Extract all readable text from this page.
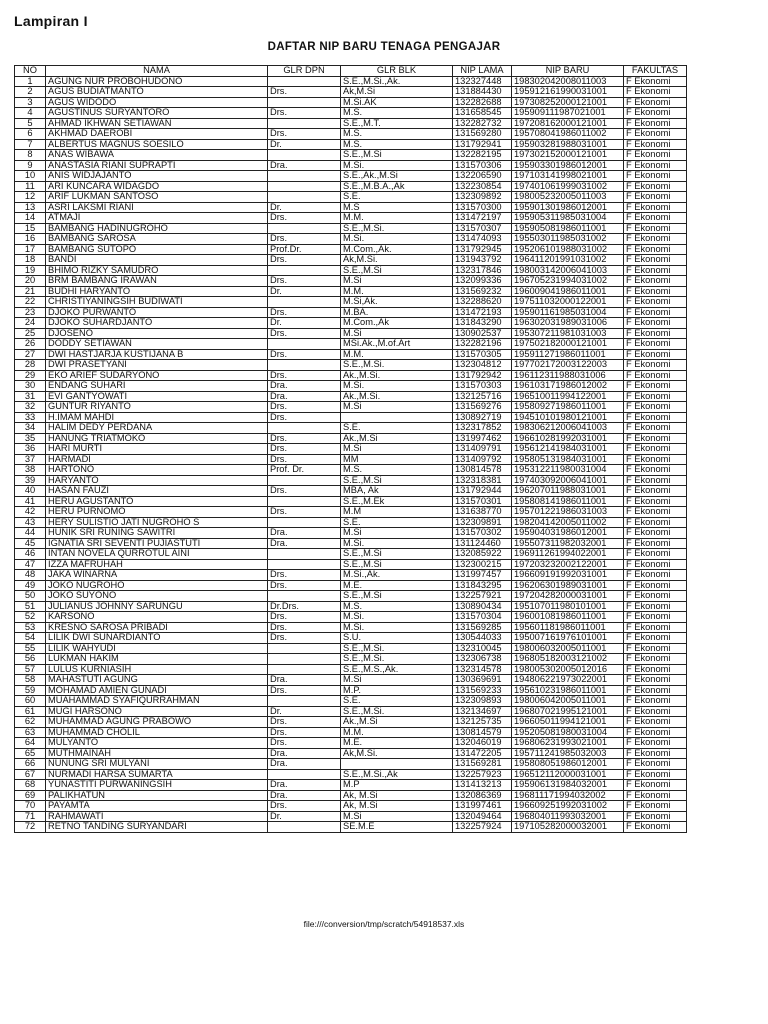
Lampiran I
DAFTAR NIP BARU TENAGA PENGAJAR
NO	NAMA	GLR DPN	GLR BLK	NIP LAMA	NIP BARU	FAKULTAS
1	AGUNG NUR PROBOHUDONO		S.E.,M.Si.,Ak.	132327448	198302042008011003	F Ekonomi
2	AGUS BUDIATMANTO	Drs.	Ak,M.Si	131884430	195912161990031001	F Ekonomi
3	AGUS WIDODO		M.Si.AK	132282688	197308252000121001	F Ekonomi
4	AGUSTINUS SURYANTORO	Drs.	M.S.	131658545	195909111987021001	F Ekonomi
5	AHMAD IKHWAN SETIAWAN		S.E.,M.T.	132282732	197208162000121001	F Ekonomi
6	AKHMAD DAEROBI	Drs.	M.S.	131569280	195708041986011002	F Ekonomi
7	ALBERTUS MAGNUS SOESILO	Dr.	M.S.	131792941	195903281988031001	F Ekonomi
8	ANAS WIBAWA		S.E.,M.Si	132282195	197302152000121001	F Ekonomi
9	ANASTASIA RIANI SUPRAPTI	Dra.	M.Si.	131570306	195903301986012001	F Ekonomi
10	ANIS WIDJAJANTO		S.E.,Ak.,M.Si	132206590	197103141998021001	F Ekonomi
11	ARI KUNCARA WIDAGDO		S.E.,M.B.A.,Ak	132230854	197401061999031002	F Ekonomi
12	ARIF LUKMAN SANTOSO		S.E.	132309892	198005232005011003	F Ekonomi
13	ASRI LAKSMI RIANI	Dr.	M.S	131570300	195901301986012001	F Ekonomi
14	ATMAJI	Drs.	M.M.	131472197	195905311985031004	F Ekonomi
15	BAMBANG HADINUGROHO		S.E.,M.Si.	131570307	195905081986011001	F Ekonomi
16	BAMBANG SAROSA	Drs.	M.Si.	131474093	195503011985031002	F Ekonomi
17	BAMBANG SUTOPO	Prof.Dr.	M.Com.,Ak.	131792945	195206101988031002	F Ekonomi
18	BANDI	Drs.	Ak,M.Si.	131943792	196411201991031002	F Ekonomi
19	BHIMO RIZKY SAMUDRO		S.E.,M.Si	132317846	198003142006041003	F Ekonomi
20	BRM BAMBANG IRAWAN	Drs.	M.Si	132099336	196705231994031002	F Ekonomi
21	BUDHI HARYANTO	Dr.	M.M.	131569232	196009041986011001	F Ekonomi
22	CHRISTIYANINGSIH BUDIWATI		M.Si,Ak.	132288620	197511032000122001	F Ekonomi
23	DJOKO PURWANTO	Drs.	M.BA.	131472193	195901161985031004	F Ekonomi
24	DJOKO SUHARDJANTO	Dr.	M.Com.,Ak	131843290	196302031989031006	F Ekonomi
25	DJOSENO	Drs.	M.Si	130902537	195307211981031003	F Ekonomi
26	DODDY SETIAWAN		MSi.Ak.,M.of.Art	132282196	197502182000121001	F Ekonomi
27	DWI HASTJARJA KUSTIJANA B	Drs.	M.M.	131570305	195911271986011001	F Ekonomi
28	DWI PRASETYANI		S.E.,M.Si.	132304812	197702172003122003	F Ekonomi
29	EKO ARIEF SUDARYONO	Drs.	Ak.,M.Si.	131792942	196112311988031006	F Ekonomi
30	ENDANG SUHARI	Dra.	M.Si.	131570303	196103171986012002	F Ekonomi
31	EVI GANTYOWATI	Dra.	Ak.,M.Si.	132125716	196510011994122001	F Ekonomi
32	GUNTUR RIYANTO	Drs.	M.Si	131569276	195809271986011001	F Ekonomi
33	H.IMAM MAHDI	Drs.		130892719	194510101980121001	F Ekonomi
34	HALIM DEDY PERDANA		S.E.	132317852	198306212006041003	F Ekonomi
35	HANUNG TRIATMOKO	Drs.	Ak.,M.Si	131997462	196610281992031001	F Ekonomi
36	HARI MURTI	Drs.	M.Si	131409791	195612141984031001	F Ekonomi
37	HARMADI	Drs.	MM	131409792	195805131984031001	F Ekonomi
38	HARTONO	Prof. Dr.	M.S.	130814578	195312211980031004	F Ekonomi
39	HARYANTO		S.E.,M.Si	132318381	197403092006041001	F Ekonomi
40	HASAN FAUZI	Drs.	MBA, Ak	131792944	196207011988031001	F Ekonomi
41	HERU AGUSTANTO		S.E.,M.Ek	131570301	195808141986011001	F Ekonomi
42	HERU PURNOMO	Drs.	M.M	131638770	195701221986031003	F Ekonomi
43	HERY SULISTIO JATI NUGROHO S		S.E.	132309891	198204142005011002	F Ekonomi
44	HUNIK SRI RUNING SAWITRI	Dra.	M.Si	131570302	195904031986012001	F Ekonomi
45	IGNATIA SRI SEVENTI PUJIASTUTI	Dra.	M.Si.	131124460	195507311982032001	F Ekonomi
46	INTAN NOVELA QURROTUL AINI		S.E.,M.Si	132085922	196911261994022001	F Ekonomi
47	IZZA MAFRUHAH		S.E.,M.Si	132300215	197203232002122001	F Ekonomi
48	JAKA WINARNA	Drs.	M.Si.,Ak.	131997457	196609191992031001	F Ekonomi
49	JOKO NUGROHO	Drs.	M.E.	131843295	196206301989031001	F Ekonomi
50	JOKO SUYONO		S.E.,M.Si	132257921	197204282000031001	F Ekonomi
51	JULIANUS JOHNNY SARUNGU	Dr.Drs.	M.S.	130890434	195107011980101001	F Ekonomi
52	KARSONO	Drs.	M.Si.	131570304	196001081986011001	F Ekonomi
53	KRESNO SAROSA PRIBADI	Drs.	M.Si.	131569285	195601181986011001	F Ekonomi
54	LILIK DWI SUNARDIANTO	Drs.	S.U.	130544033	195007161976101001	F Ekonomi
55	LILIK WAHYUDI		S.E.,M.Si.	132310045	198006032005011001	F Ekonomi
56	LUKMAN HAKIM		S.E.,M.Si.	132306738	196805182003121002	F Ekonomi
57	LULUS KURNIASIH		S.E.,M.S.,Ak.	132314578	198005302005012016	F Ekonomi
58	MAHASTUTI AGUNG	Dra.	M.Si	130369691	194806221973022001	F Ekonomi
59	MOHAMAD AMIEN GUNADI	Drs.	M.P.	131569233	195610231986011001	F Ekonomi
60	MUAHAMMAD SYAFIQURRAHMAN		S.E.	132309893	198006042005011001	F Ekonomi
61	MUGI HARSONO	Dr.	S.E.,M.Si.	132134697	196807021995121001	F Ekonomi
62	MUHAMMAD AGUNG PRABOWO	Drs.	Ak.,M.Si	132125735	196605011994121001	F Ekonomi
63	MUHAMMAD CHOLIL	Drs.	M.M.	130814579	195205081980031004	F Ekonomi
64	MULYANTO	Drs.	M.E.	132046019	196806231993021001	F Ekonomi
65	MUTHMAINAH	Dra.	Ak,M.Si.	131472205	195711241985032003	F Ekonomi
66	NUNUNG SRI MULYANI	Dra.		131569281	195808051986012001	F Ekonomi
67	NURMADI HARSA SUMARTA		S.E.,M.Si.,Ak	132257923	196512112000031001	F Ekonomi
68	YUNASTITI PURWANINGSIH	Dra.	M.P	131413213	195906131984032001	F Ekonomi
69	PALIKHATUN	Dra.	Ak, M.Si	132086369	196811171994032002	F Ekonomi
70	PAYAMTA	Drs.	Ak, M.Si	131997461	196609251992031002	F Ekonomi
71	RAHMAWATI	Dr.	M.Si	132049464	196804011993032001	F Ekonomi
72	RETNO TANDING SURYANDARI		SE.M.E	132257924	197105282000032001	F Ekonomi
file:///conversion/tmp/scratch/54918537.xls
